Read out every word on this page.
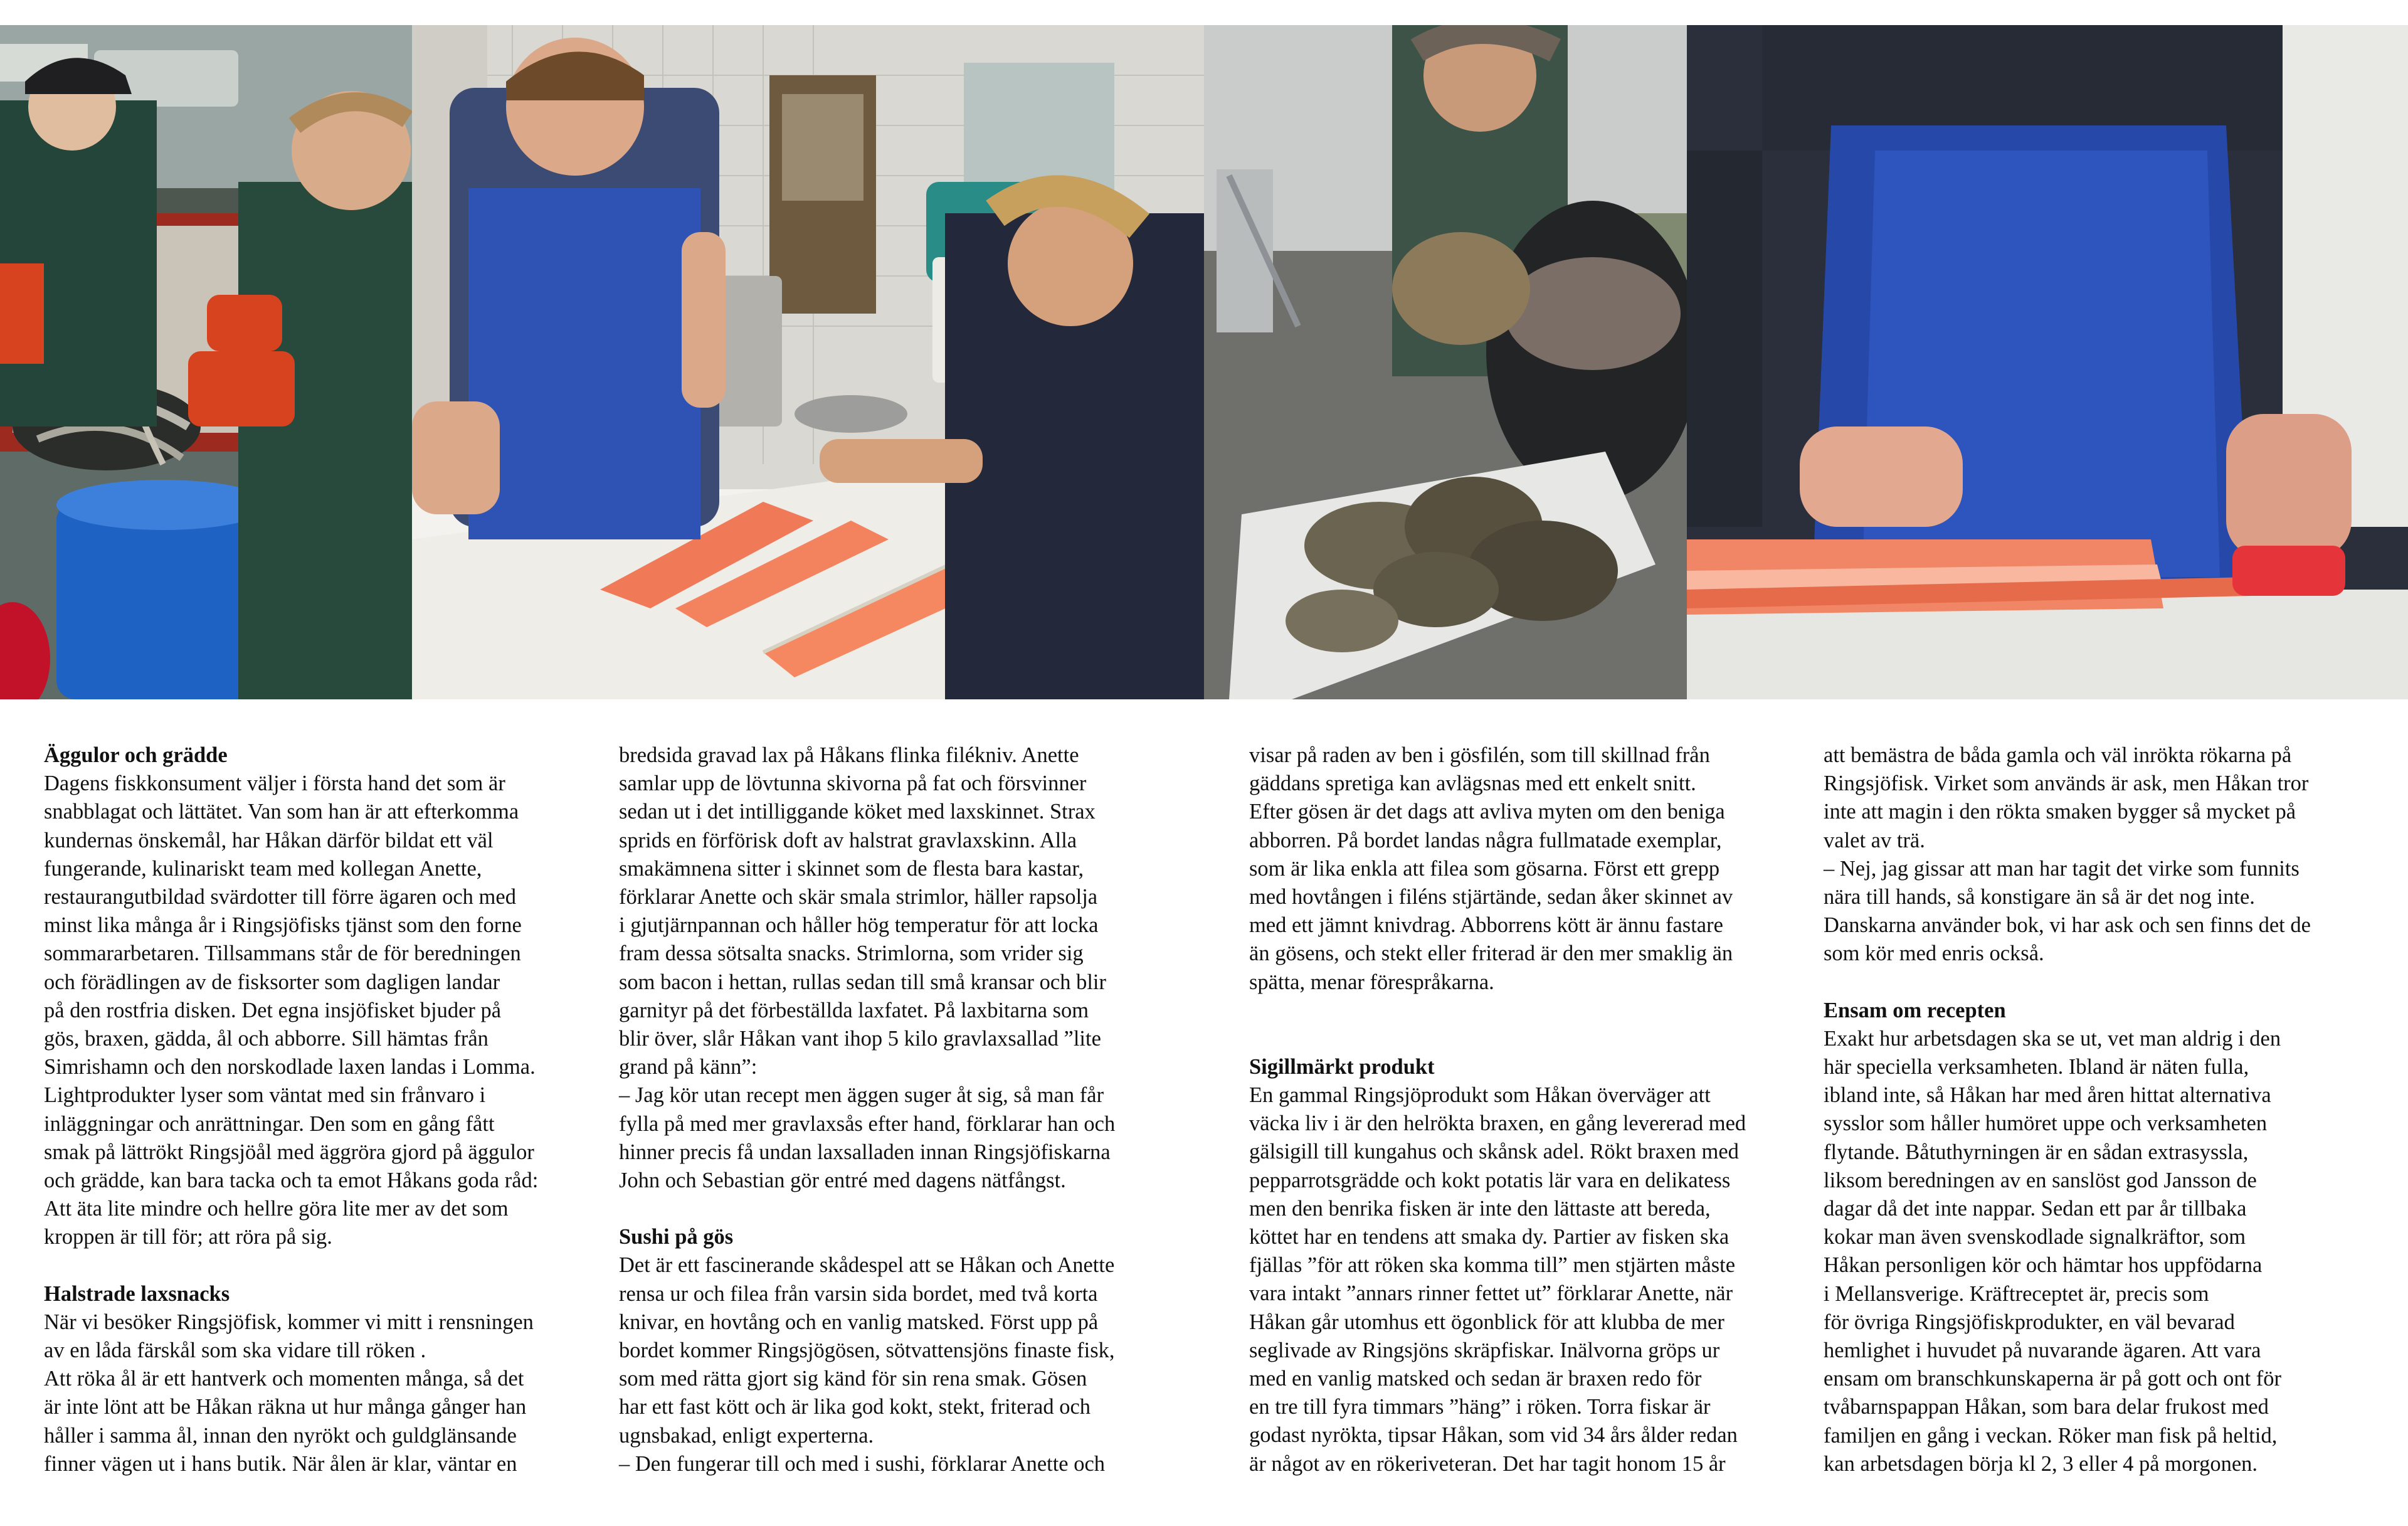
Äggulor och grädde

Dagens fiskkonsument väljer i första hand det som är
snabblagat och lättätet. Van som han är att efterkomma
kundernas önskemål, har Håkan därför bildat ett väl
fungerande, kulinariskt team med kollegan Anette,
restaurangutbildad svärdotter till förre ägaren och med
minst lika många år i Ringsjöfisks tjänst som den forne
sommararbetaren. Tillsammans står de för beredningen
och förädlingen av de fisksorter som dagligen landar
på den rostfria disken. Det egna insjöfisket bjuder på
gös, braxen, gädda, ål och abborre. Sill hämtas från
Simrishamn och den norskodlade laxen landas i Lomma.
Lightprodukter lyser som väntat med sin frånvaro i
inläggningar och anrättningar. Den som en gång fått
smak på lättrökt Ringsjöål med äggröra gjord på äggulor
och grädde, kan bara tacka och ta emot Håkans goda råd:
Att äta lite mindre och hellre göra lite mer av det som
kroppen är till för; att röra på sig.

Halstrade laxsnacks

När vi besöker Ringsjöfisk, kommer vi mitt i rensningen
av en låda färskål som ska vidare till röken .
Att röka ål är ett hantverk och momenten många, så det
är inte lönt att be Håkan räkna ut hur många gånger han
håller i samma ål, innan den nyrökt och guldglänsande
finner vägen ut i hans butik. När ålen är klar, väntar en

bredsida gravad lax på Håkans flinka filékniv. Anette
samlar upp de lövtunna skivorna på fat och försvinner
sedan ut i det intilliggande köket med laxskinnet. Strax
sprids en förförisk doft av halstrat gravlaxskinn. Alla
smakämnena sitter i skinnet som de flesta bara kastar,
förklarar Anette och skär smala strimlor, häller rapsolja
i gjutjärnpannan och håller hög temperatur för att locka
fram dessa sötsalta snacks. Strimlorna, som vrider sig
som bacon i hettan, rullas sedan till små kransar och blir
garnityr på det förbeställda laxfatet. På laxbitarna som
blir över, slår Håkan vant ihop 5 kilo gravlaxsallad ”lite
grand på känn”:
– Jag kör utan recept men äggen suger åt sig, så man får
fylla på med mer gravlaxsås efter hand, förklarar han och
hinner precis få undan laxsalladen innan Ringsjöfiskarna
John och Sebastian gör entré med dagens nätfångst.

Sushi på gös

Det är ett fascinerande skådespel att se Håkan och Anette
rensa ur och filea från varsin sida bordet, med två korta
knivar, en hovtång och en vanlig matsked. Först upp på
bordet kommer Ringsjögösen, sötvattensjöns finaste fisk,
som med rätta gjort sig känd för sin rena smak. Gösen
har ett fast kött och är lika god kokt, stekt, friterad och
ugnsbakad, enligt experterna.
– Den fungerar till och med i sushi, förklarar Anette och

visar på raden av ben i gösfilén, som till skillnad från
gäddans spretiga kan avlägsnas med ett enkelt snitt.
Efter gösen är det dags att avliva myten om den beniga
abborren. På bordet landas några fullmatade exemplar,
som är lika enkla att filea som gösarna. Först ett grepp
med hovtången i filéns stjärtände, sedan åker skinnet av
med ett jämnt knivdrag. Abborrens kött är ännu fastare
än gösens, och stekt eller friterad är den mer smaklig än
spätta, menar förespråkarna.

Sigillmärkt produkt

En gammal Ringsjöprodukt som Håkan överväger att
väcka liv i är den helrökta braxen, en gång levererad med
gälsigill till kungahus och skånsk adel. Rökt braxen med
pepparrotsgrädde och kokt potatis lär vara en delikatess
men den benrika fisken är inte den lättaste att bereda,
köttet har en tendens att smaka dy. Partier av fisken ska
fjällas ”för att röken ska komma till” men stjärten måste
vara intakt ”annars rinner fettet ut” förklarar Anette, när
Håkan går utomhus ett ögonblick för att klubba de mer
seglivade av Ringsjöns skräpfiskar. Inälvorna gröps ur
med en vanlig matsked och sedan är braxen redo för
en tre till fyra timmars ”häng” i röken. Torra fiskar är
godast nyrökta, tipsar Håkan, som vid 34 års ålder redan
är något av en rökeriveteran. Det har tagit honom 15 år

att bemästra de båda gamla och väl inrökta rökarna på
Ringsjöfisk. Virket som används är ask, men Håkan tror
inte att magin i den rökta smaken bygger så mycket på
valet av trä.
– Nej, jag gissar att man har tagit det virke som funnits
nära till hands, så konstigare än så är det nog inte.
Danskarna använder bok, vi har ask och sen finns det de
som kör med enris också.

Ensam om recepten

Exakt hur arbetsdagen ska se ut, vet man aldrig i den
här speciella verksamheten. Ibland är näten fulla,
ibland inte, så Håkan har med åren hittat alternativa
sysslor som håller humöret uppe och verksamheten
flytande. Båtuthyrningen är en sådan extrasyssla,
liksom beredningen av en sanslöst god Jansson de
dagar då det inte nappar. Sedan ett par år tillbaka
kokar man även svenskodlade signalkräftor, som
Håkan personligen kör och hämtar hos uppfödarna
i Mellansverige. Kräftreceptet är, precis som
för övriga Ringsjöfiskprodukter, en väl bevarad
hemlighet i huvudet på nuvarande ägaren. Att vara
ensam om branschkunskaperna är på gott och ont för
tvåbarnspappan Håkan, som bara delar frukost med
familjen en gång i veckan. Röker man fisk på heltid,
kan arbetsdagen börja kl 2, 3 eller 4 på morgonen.
